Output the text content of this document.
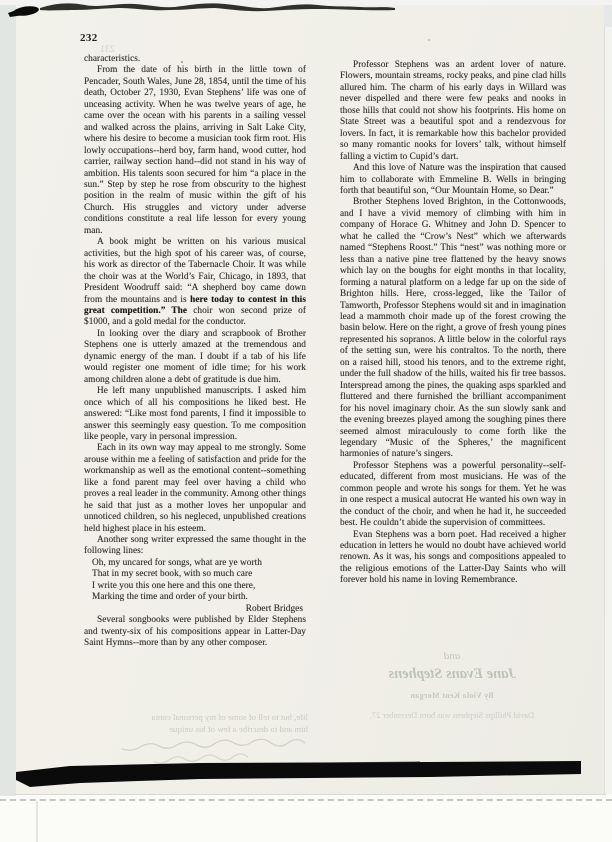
231
232

characteristics.

From the date of his birth in the little town of Pencader, South Wales, June 28, 1854, until the time of his death, October 27, 1930, Evan Stephens’ life was one of unceasing activity. When he was twelve years of age, he came over the ocean with his parents in a sailing vessel and walked across the plains, arriving in Salt Lake City, where his desire to become a musician took firm root. His lowly occupations--herd boy, farm hand, wood cutter, hod carrier, railway section hand--did not stand in his way of ambition. His talents soon secured for him “a place in the sun.” Step by step he rose from obscurity to the highest position in the realm of music within the gift of his Church. His struggles and victory under adverse conditions constitute a real life lesson for every young man.

A book might be written on his various musical activities, but the high spot of his career was, of course, his work as director of the Tabernacle Choir. It was while the choir was at the World’s Fair, Chicago, in 1893, that President Woodruff said: “A shepherd boy came down from the mountains and is here today to contest in this great competition.” The choir won second prize of $1000, and a gold medal for the conductor.

In looking over the diary and scrapbook of Brother Stephens one is utterly amazed at the tremendous and dynamic energy of the man. I doubt if a tab of his life would register one moment of idle time; for his work among children alone a debt of gratitude is due him.

He left many unpublished manuscripts. I asked him once which of all his compositions he liked best. He answered: “Like most fond parents, I find it impossible to answer this seemingly easy question. To me composition like people, vary in personal impression.

Each in its own way may appeal to me strongly. Some arouse within me a feeling of satisfaction and pride for the workmanship as well as the emotional content--something like a fond parent may feel over having a child who proves a real leader in the community. Among other things he said that just as a mother loves her unpopular and unnoticed children, so his negleced, unpublished creations held highest place in his esteem.

Another song writer expressed the same thought in the following lines:

Oh, my uncared for songs, what are ye worth
That in my secret book, with so much care
I write you this one here and this one there,
Marking the time and order of your birth.
Robert Bridges

Several songbooks were published by Elder Stephens and twenty-six of his compositions appear in Latter-Day Saint Hymns--more than by any other composer.

Professor Stephens was an ardent lover of nature. Flowers, mountain streams, rocky peaks, and pine clad hills allured him. The charm of his early days in Willard was never dispelled and there were few peaks and nooks in those hills that could not show his footprints. His home on State Street was a beautiful spot and a rendezvous for lovers. In fact, it is remarkable how this bachelor provided so many romantic nooks for lovers’ talk, without himself falling a victim to Cupid’s dart.

And this love of Nature was the inspiration that caused him to collaborate with Emmeline B. Wells in bringing forth that beautiful son, “Our Mountain Home, so Dear.”

Brother Stephens loved Brighton, in the Cottonwoods, and I have a vivid memory of climbing with him in company of Horace G. Whitney and John D. Spencer to what he called the “Crow’s Nest” which we afterwards named “Stephens Roost.” This “nest” was nothing more or less than a native pine tree flattened by the heavy snows which lay on the boughs for eight months in that locality, forming a natural platform on a ledge far up on the side of Brighton hills. Here, cross-legged, like the Tailor of Tamworth, Professor Stephens would sit and in imagination lead a mammoth choir made up of the forest crowing the basin below. Here on the right, a grove of fresh young pines represented his sopranos. A little below in the colorful rays of the setting sun, were his contraltos. To the north, there on a raised hill, stood his tenors, and to the extreme right, under the full shadow of the hills, waited his fir tree bassos. Interspread among the pines, the quaking asps sparkled and fluttered and there furnished the brilliant accompaniment for his novel imaginary choir. As the sun slowly sank and the evening breezes played among the soughing pines there seemed almost miraculously to come forth like the legendary “Music of the Spheres,’ the magnificent harmonies of nature’s singers.

Professor Stephens was a powerful personality--self-educated, different from most musicians. He was of the common people and wrote his songs for them. Yet he was in one respect a musical autocrat He wanted his own way in the conduct of the choir, and when he had it, he succeeded best. He couldn’t abide the supervision of committees.

Evan Stephens was a born poet. Had received a higher education in letters he would no doubt have achieved world renown. As it was, his songs and compositions appealed to the religious emotions of the Latter-Day Saints who will forever hold his name in loving Remembrance.

life, but to tell of some of my personal conta
him and to describe a few of his unique
and
Jane Evans Stephens
By Viola Kent Morgan
David Phillips Stephens was born December 27,
